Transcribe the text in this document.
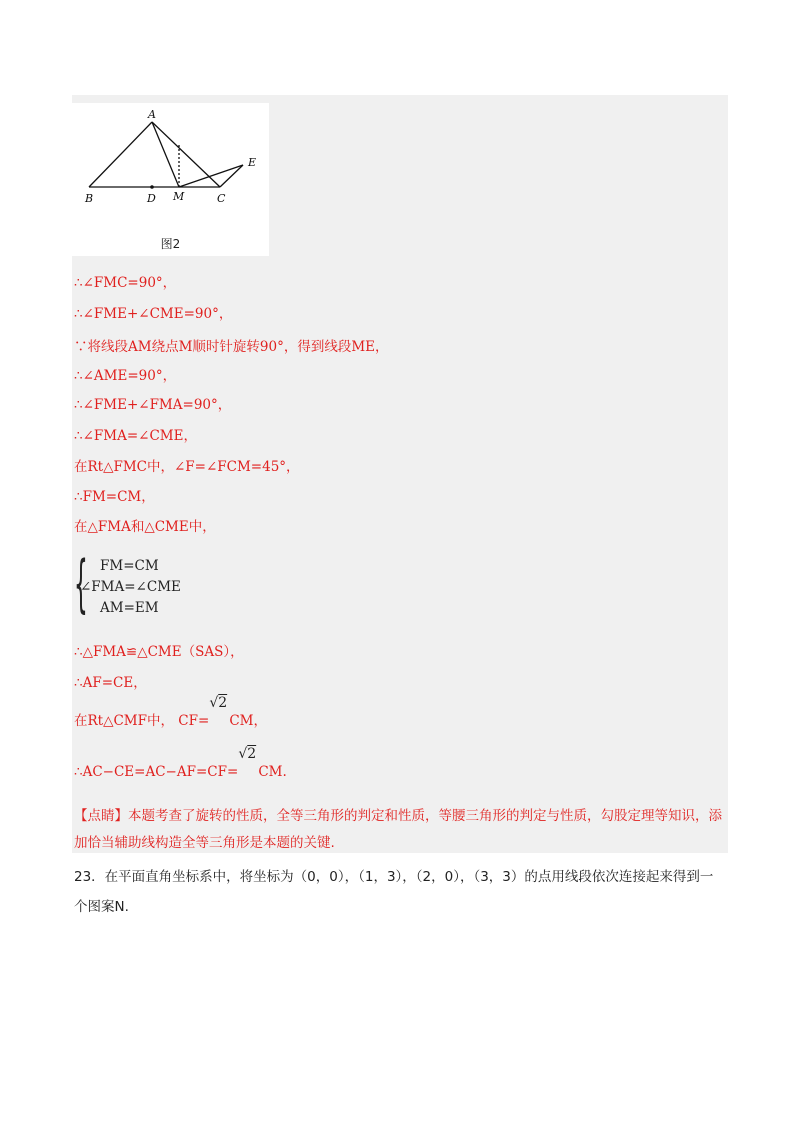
A
B	D M	C
E
图2
∴∠FMC=90°，
∴∠FME+∠CME=90°，
∵将线段AM绕点M顺时针旋转90°，得到线段ME，
∴∠AME=90°，
∴∠FME+∠FMA=90°，
∴∠FMA=∠CME，
在Rt△FMC中，∠F=∠FCM=45°，
∴FM=CM，
在△FMA和△CME中，
{ FM=CM
∠FMA=∠CME
AM=EM
∴△FMA≌△CME（SAS），
∴AF=CE，
在Rt△CMF中， CF=
√2
CM，
∴AC−CE=AC−AF=CF=
√2
CM.
【点睛】本题考查了旋转的性质，全等三角形的判定和性质，等腰三角形的判定与性质，勾股定理等知识，添加恰当辅助线构造全等三角形是本题的关键.
23．在平面直角坐标系中，将坐标为（0，0），（1，3），（2，0），（3，3）的点用线段依次连接起来得到一个图案N.
